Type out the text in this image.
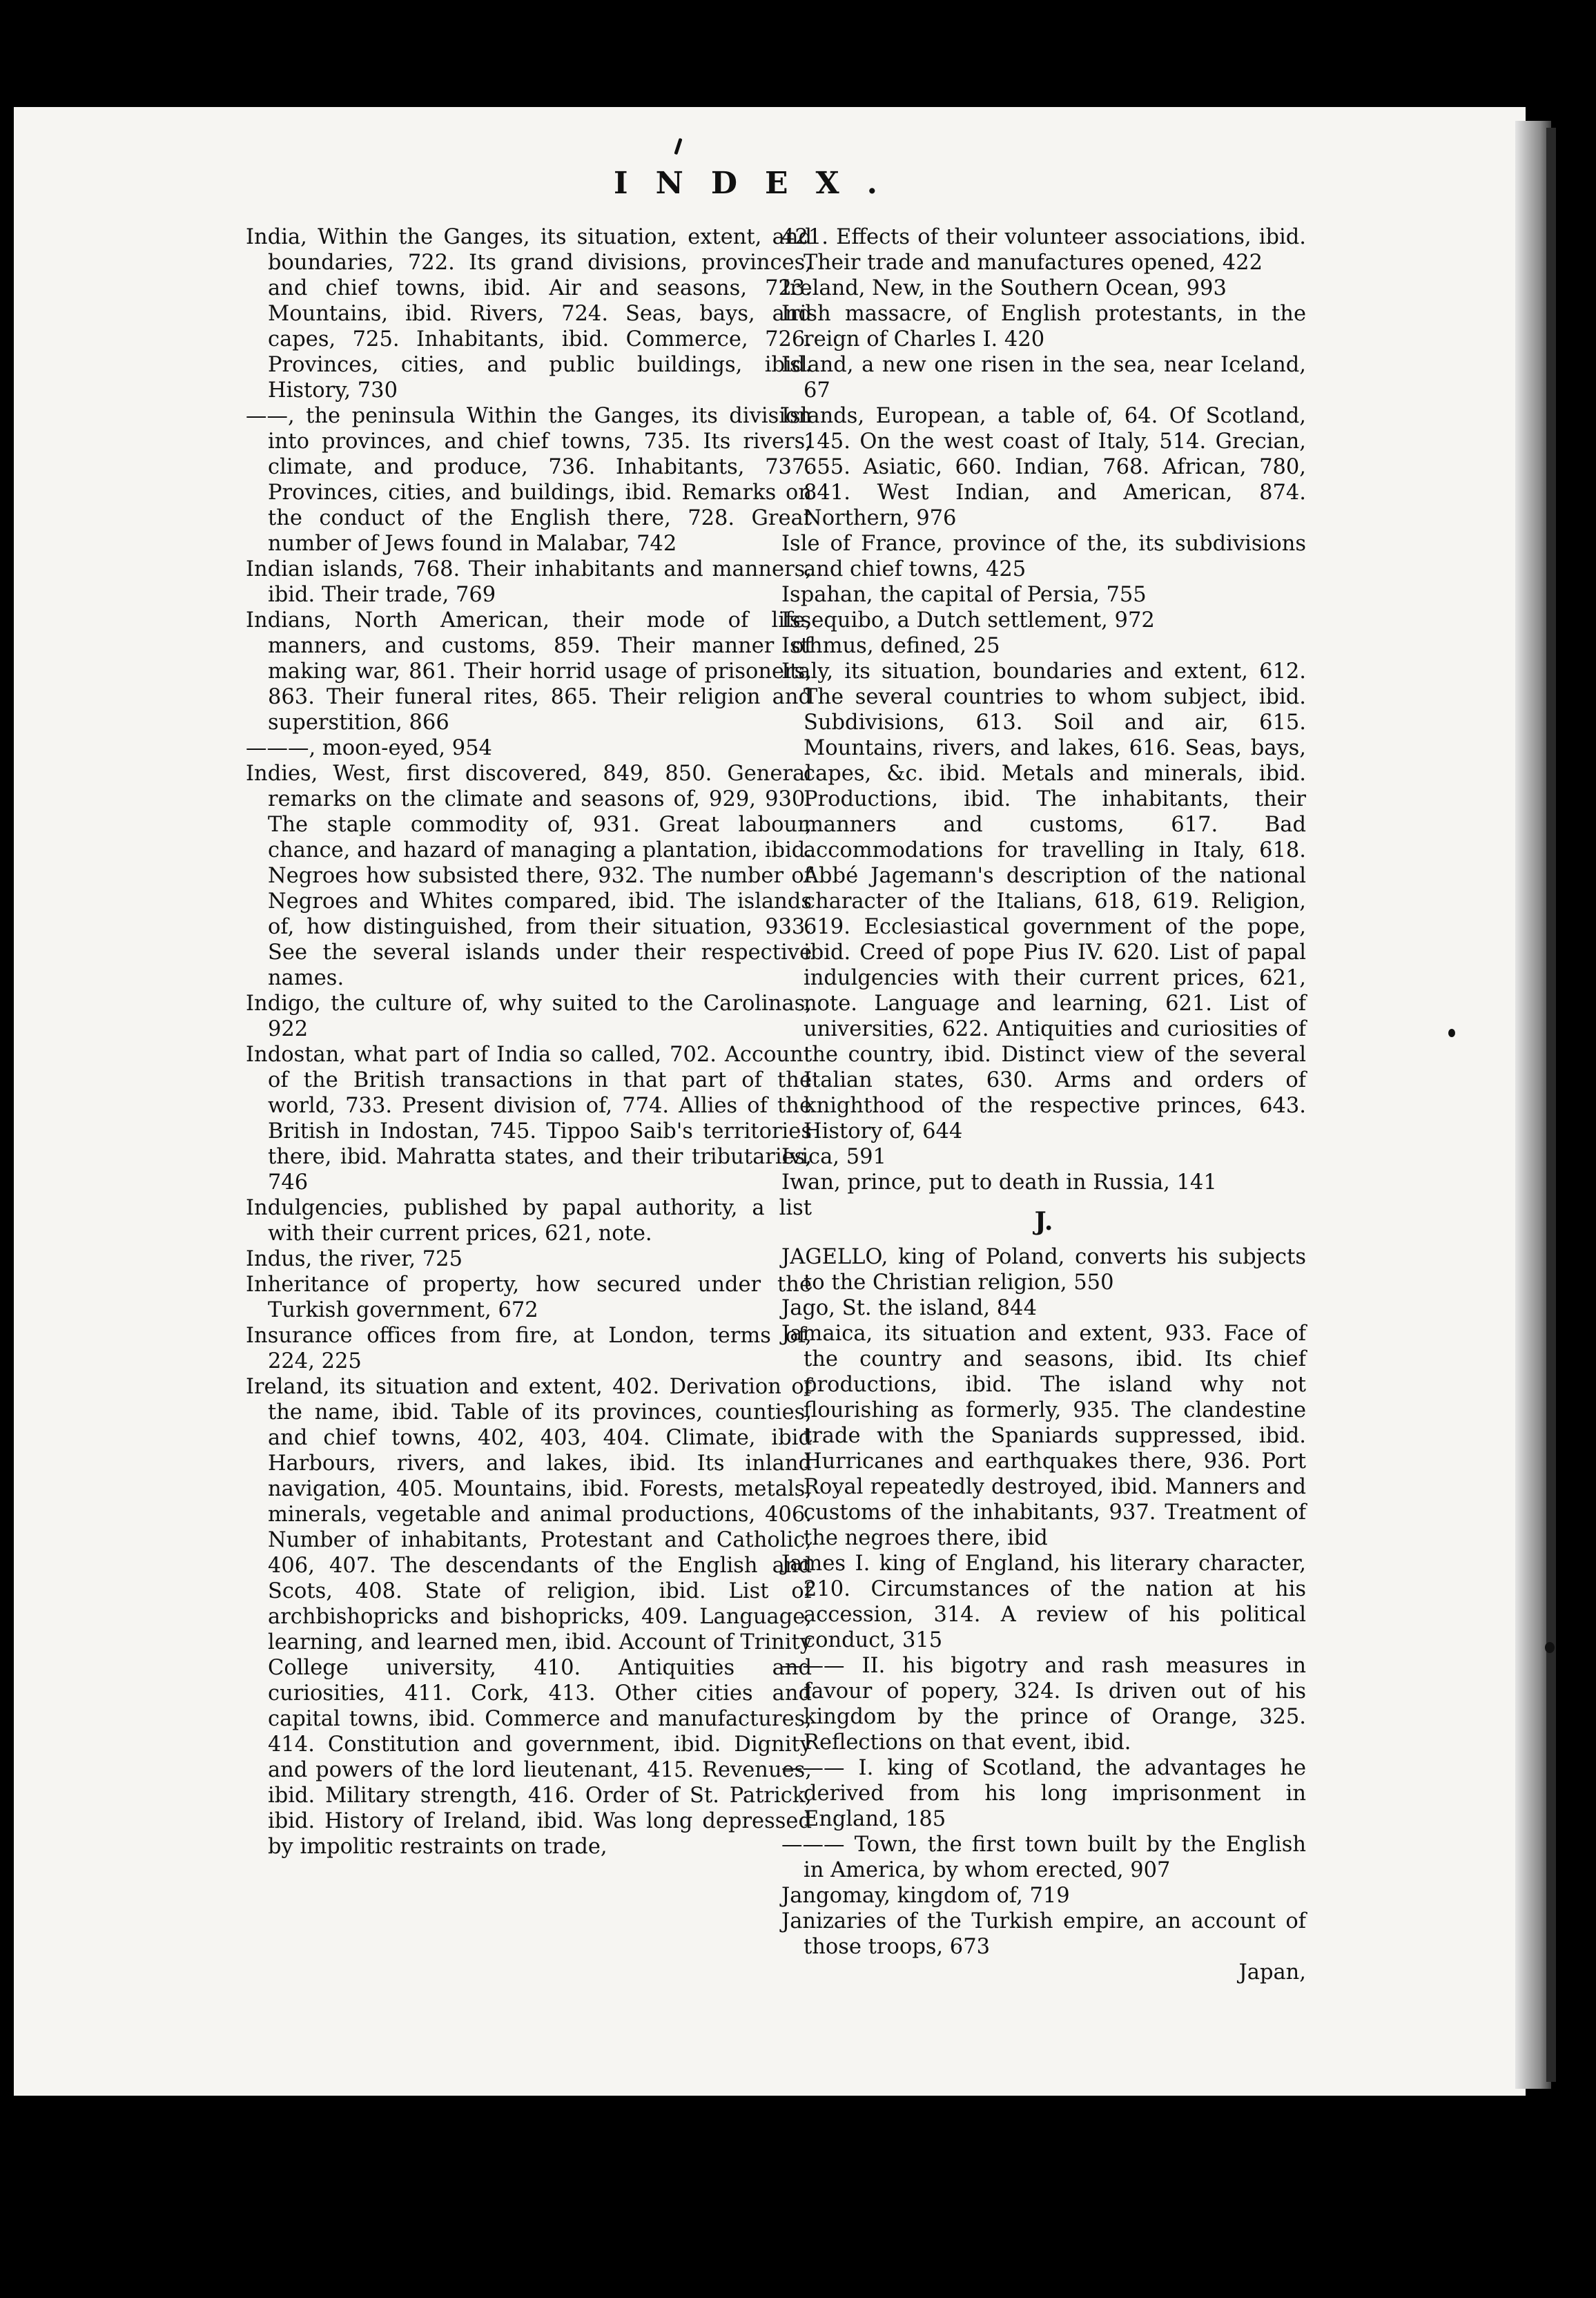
INDEX.
India, Within the Ganges, its situation, extent, and boundaries, 722. Its grand divisions, provinces, and chief towns, ibid. Air and seasons, 723. Mountains, ibid. Rivers, 724. Seas, bays, and capes, 725. Inhabitants, ibid. Commerce, 726. Provinces, cities, and public buildings, ibid. History, 730
——, the peninsula Within the Ganges, its division into provinces, and chief towns, 735. Its rivers, climate, and produce, 736. Inhabitants, 737. Provinces, cities, and buildings, ibid. Remarks on the conduct of the English there, 728. Great number of Jews found in Malabar, 742
Indian islands, 768. Their inhabitants and manners, ibid. Their trade, 769
Indians, North American, their mode of life, manners, and customs, 859. Their manner of making war, 861. Their horrid usage of prisoners, 863. Their funeral rites, 865. Their religion and superstition, 866
———, moon-eyed, 954
Indies, West, first discovered, 849, 850. General remarks on the climate and seasons of, 929, 930. The staple commodity of, 931. Great labour, chance, and hazard of managing a plantation, ibid. Negroes how subsisted there, 932. The number of Negroes and Whites compared, ibid. The islands of, how distinguished, from their situation, 933. See the several islands under their respective names.
Indigo, the culture of, why suited to the Carolinas, 922
Indostan, what part of India so called, 702. Account of the British transactions in that part of the world, 733. Present division of, 774. Allies of the British in Indostan, 745. Tippoo Saib's territories there, ibid. Mahratta states, and their tributaries, 746
Indulgencies, published by papal authority, a list with their current prices, 621, note.
Indus, the river, 725
Inheritance of property, how secured under the Turkish government, 672
Insurance offices from fire, at London, terms of, 224, 225
Ireland, its situation and extent, 402. Derivation of the name, ibid. Table of its provinces, counties, and chief towns, 402, 403, 404. Climate, ibid Harbours, rivers, and lakes, ibid. Its inland navigation, 405. Mountains, ibid. Forests, metals, minerals, vegetable and animal productions, 406. Number of inhabitants, Protestant and Catholic, 406, 407. The descendants of the English and Scots, 408. State of religion, ibid. List of archbishopricks and bishopricks, 409. Language, learning, and learned men, ibid. Account of Trinity College university, 410. Antiquities and curiosities, 411. Cork, 413. Other cities and capital towns, ibid. Commerce and manufactures, 414. Constitution and government, ibid. Dignity and powers of the lord lieutenant, 415. Revenues, ibid. Military strength, 416. Order of St. Patrick, ibid. History of Ireland, ibid. Was long depressed by impolitic restraints on trade,
421. Effects of their volunteer associations, ibid. Their trade and manufactures opened, 422
Ireland, New, in the Southern Ocean, 993
Irish massacre, of English protestants, in the reign of Charles I. 420
Island, a new one risen in the sea, near Iceland, 67
Islands, European, a table of, 64. Of Scotland, 145. On the west coast of Italy, 514. Grecian, 655. Asiatic, 660. Indian, 768. African, 780, 841. West Indian, and American, 874. Northern, 976
Isle of France, province of the, its subdivisions and chief towns, 425
Ispahan, the capital of Persia, 755
Issequibo, a Dutch settlement, 972
Isthmus, defined, 25
Italy, its situation, boundaries and extent, 612. The several countries to whom subject, ibid. Subdivisions, 613. Soil and air, 615. Mountains, rivers, and lakes, 616. Seas, bays, capes, &c. ibid. Metals and minerals, ibid. Productions, ibid. The inhabitants, their manners and customs, 617. Bad accommodations for travelling in Italy, 618. Abbé Jagemann's description of the national character of the Italians, 618, 619. Religion, 619. Ecclesiastical government of the pope, ibid. Creed of pope Pius IV. 620. List of papal indulgencies with their current prices, 621, note. Language and learning, 621. List of universities, 622. Antiquities and curiosities of the country, ibid. Distinct view of the several Italian states, 630. Arms and orders of knighthood of the respective princes, 643. History of, 644
Ivica, 591
Iwan, prince, put to death in Russia, 141
J.
JAGELLO, king of Poland, converts his subjects to the Christian religion, 550
Jago, St. the island, 844
Jamaica, its situation and extent, 933. Face of the country and seasons, ibid. Its chief productions, ibid. The island why not flourishing as formerly, 935. The clandestine trade with the Spaniards suppressed, ibid. Hurricanes and earthquakes there, 936. Port Royal repeatedly destroyed, ibid. Manners and customs of the inhabitants, 937. Treatment of the negroes there, ibid
James I. king of England, his literary character, 210. Circumstances of the nation at his accession, 314. A review of his political conduct, 315
——— II. his bigotry and rash measures in favour of popery, 324. Is driven out of his kingdom by the prince of Orange, 325. Reflections on that event, ibid.
——— I. king of Scotland, the advantages he derived from his long imprisonment in England, 185
——— Town, the first town built by the English in America, by whom erected, 907
Jangomay, kingdom of, 719
Janizaries of the Turkish empire, an account of those troops, 673
Japan,
